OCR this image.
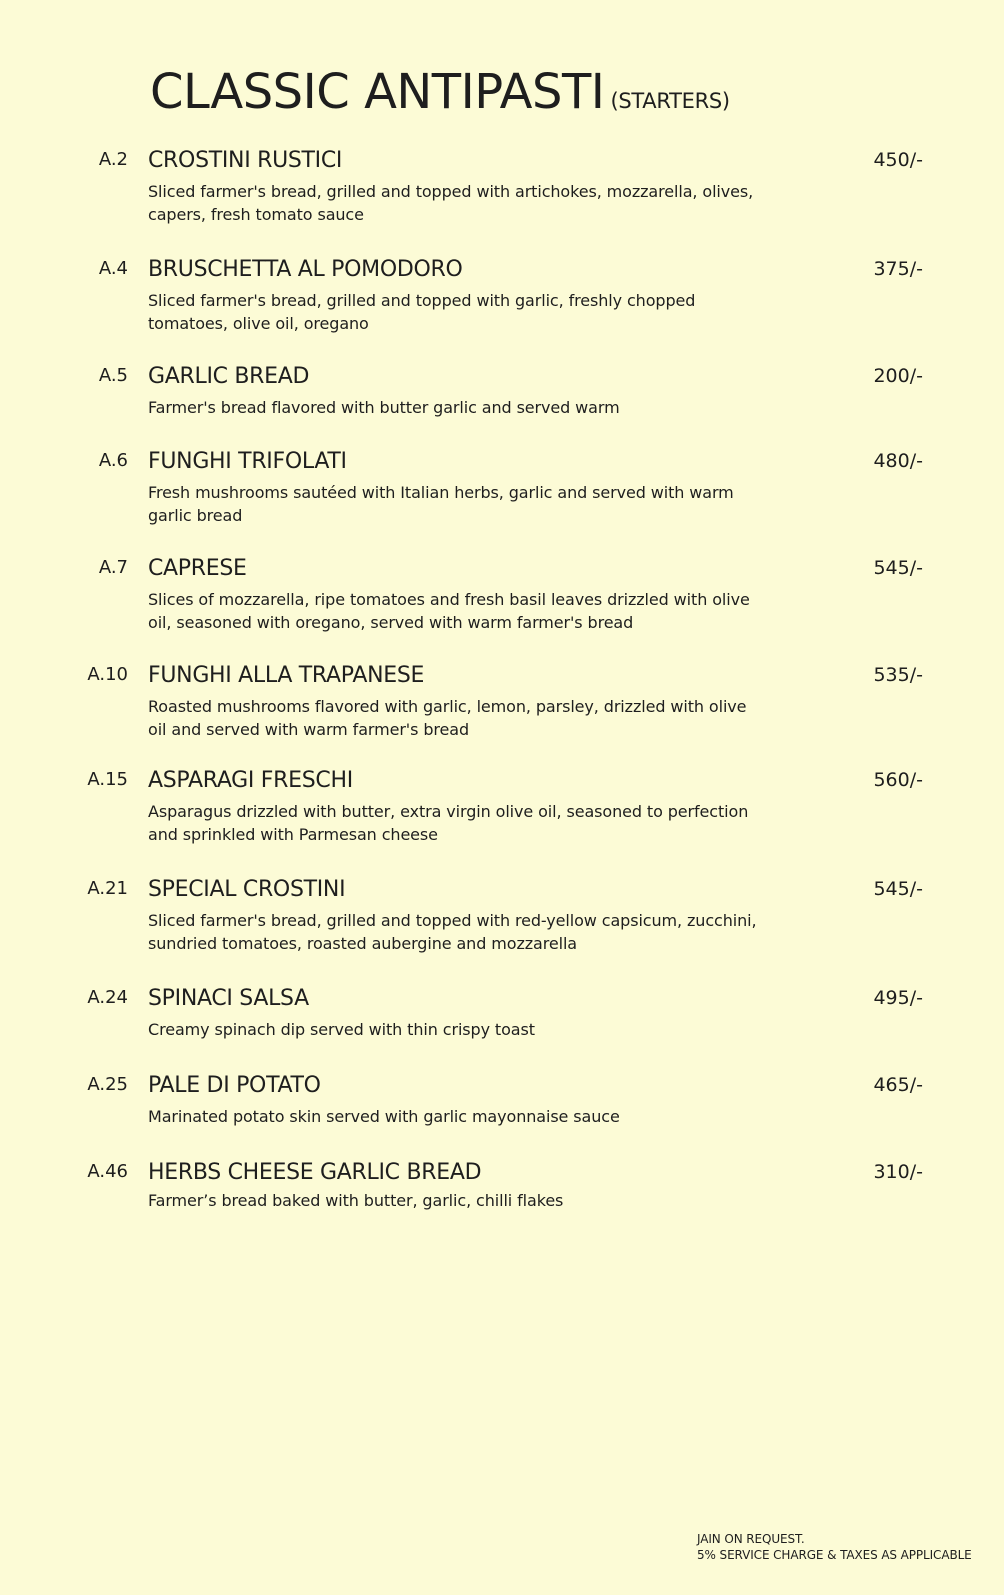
CLASSIC ANTIPASTI (STARTERS)
A.2 CROSTINI RUSTICI
Sliced farmer's bread, grilled and topped with artichokes, mozzarella, olives, capers, fresh tomato sauce
450/-
A.4 BRUSCHETTA AL POMODORO
Sliced farmer's bread, grilled and topped with garlic, freshly chopped tomatoes, olive oil, oregano
375/-
A.5 GARLIC BREAD
Farmer's bread flavored with butter garlic and served warm
200/-
A.6 FUNGHI TRIFOLATI
Fresh mushrooms sautéed with Italian herbs, garlic and served with warm garlic bread
480/-
A.7 CAPRESE
Slices of mozzarella, ripe tomatoes and fresh basil leaves drizzled with olive oil, seasoned with oregano, served with warm farmer's bread
545/-
A.10 FUNGHI ALLA TRAPANESE
Roasted mushrooms flavored with garlic, lemon, parsley, drizzled with olive oil and served with warm farmer's bread
535/-
A.15 ASPARAGI FRESCHI
Asparagus drizzled with butter, extra virgin olive oil, seasoned to perfection and sprinkled with Parmesan cheese
560/-
A.21 SPECIAL CROSTINI
Sliced farmer's bread, grilled and topped with red-yellow capsicum, zucchini, sundried tomatoes, roasted aubergine and mozzarella
545/-
A.24 SPINACI SALSA
Creamy spinach dip served with thin crispy toast
495/-
A.25 PALE DI POTATO
Marinated potato skin served with garlic mayonnaise sauce
465/-
A.46 HERBS CHEESE GARLIC BREAD
Farmer’s bread baked with butter, garlic, chilli flakes
310/-
JAIN ON REQUEST.
5% SERVICE CHARGE & TAXES AS APPLICABLE
